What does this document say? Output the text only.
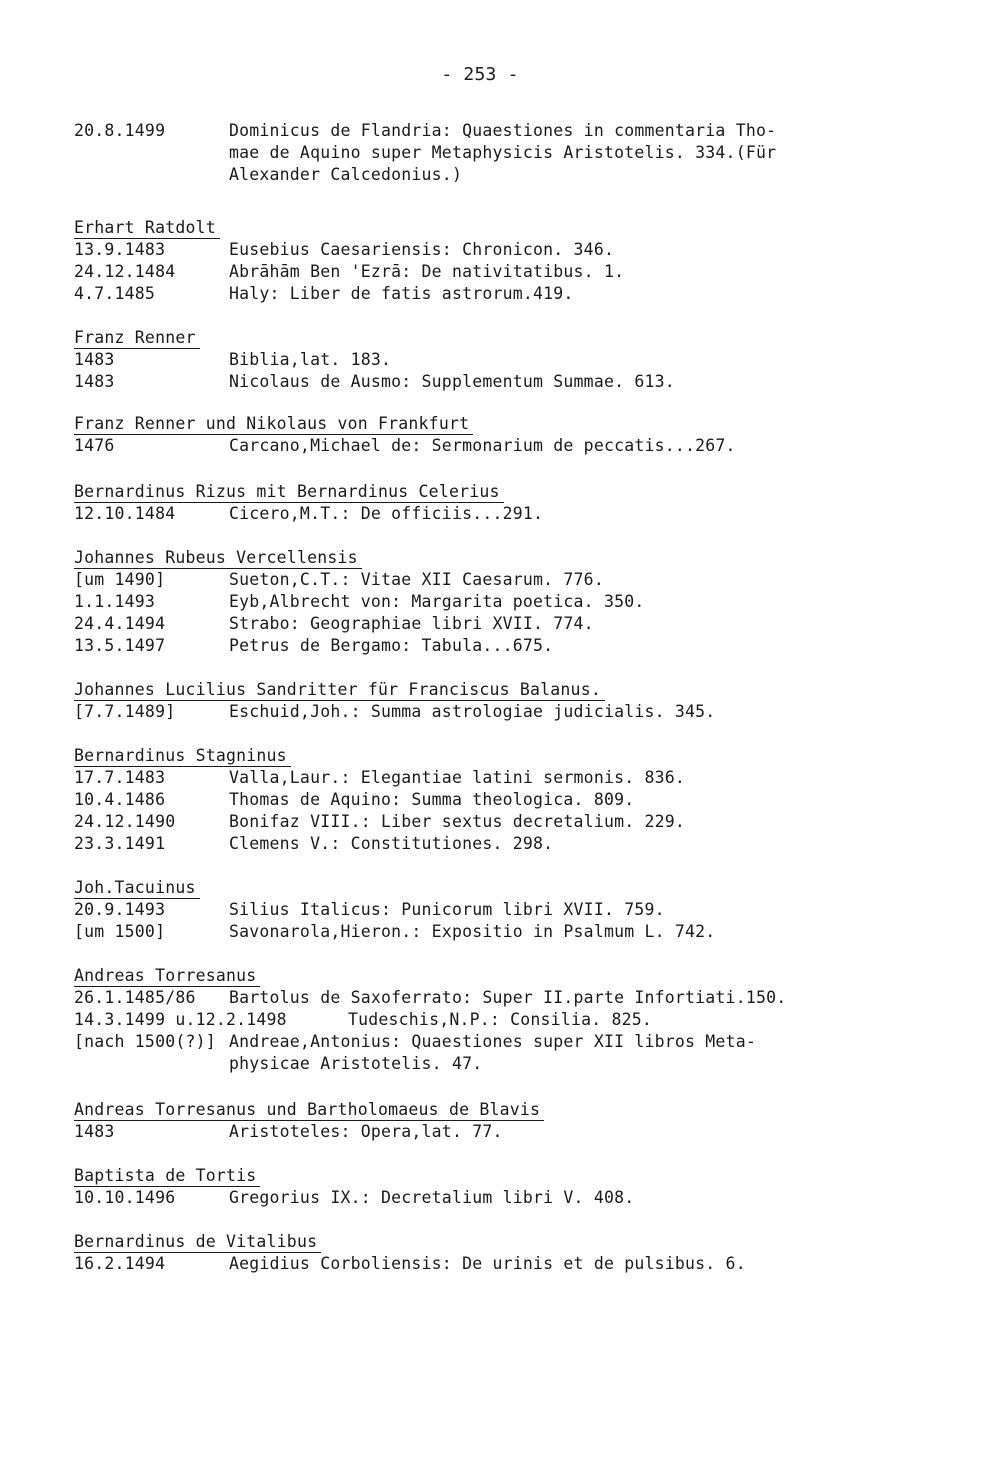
- 253 -
20.8.1499	Dominicus de Flandria: Quaestiones in commentaria Tho-
mae de Aquino super Metaphysicis Aristotelis. 334.(Für
Alexander Calcedonius.)
Erhart Ratdolt
13.9.1483	Eusebius Caesariensis: Chronicon. 346.
24.12.1484	Abrāhām Ben 'Ezrā: De nativitatibus. 1.
4.7.1485	Haly: Liber de fatis astrorum.419.
Franz Renner
1483	Biblia,lat. 183.
1483	Nicolaus de Ausmo: Supplementum Summae. 613.
Franz Renner und Nikolaus von Frankfurt
1476	Carcano,Michael de: Sermonarium de peccatis...267.
Bernardinus Rizus mit Bernardinus Celerius
12.10.1484	Cicero,M.T.: De officiis...291.
Johannes Rubeus Vercellensis
[um 1490]	Sueton,C.T.: Vitae XII Caesarum. 776.
1.1.1493	Eyb,Albrecht von: Margarita poetica. 350.
24.4.1494	Strabo: Geographiae libri XVII. 774.
13.5.1497	Petrus de Bergamo: Tabula...675.
Johannes Lucilius Sandritter für Franciscus Balanus.
[7.7.1489]	Eschuid,Joh.: Summa astrologiae judicialis. 345.
Bernardinus Stagninus
17.7.1483	Valla,Laur.: Elegantiae latini sermonis. 836.
10.4.1486	Thomas de Aquino: Summa theologica. 809.
24.12.1490	Bonifaz VIII.: Liber sextus decretalium. 229.
23.3.1491	Clemens V.: Constitutiones. 298.
Joh.Tacuinus
20.9.1493	Silius Italicus: Punicorum libri XVII. 759.
[um 1500]	Savonarola,Hieron.: Expositio in Psalmum L. 742.
Andreas Torresanus
26.1.1485/86	Bartolus de Saxoferrato: Super II.parte Infortiati.150.
14.3.1499 u.12.2.1498	Tudeschis,N.P.: Consilia. 825.
[nach 1500(?)] Andreae,Antonius: Quaestiones super XII libros Meta-
physicae Aristotelis. 47.
Andreas Torresanus und Bartholomaeus de Blavis
1483	Aristoteles: Opera,lat. 77.
Baptista de Tortis
10.10.1496	Gregorius IX.: Decretalium libri V. 408.
Bernardinus de Vitalibus
16.2.1494	Aegidius Corboliensis: De urinis et de pulsibus. 6.
